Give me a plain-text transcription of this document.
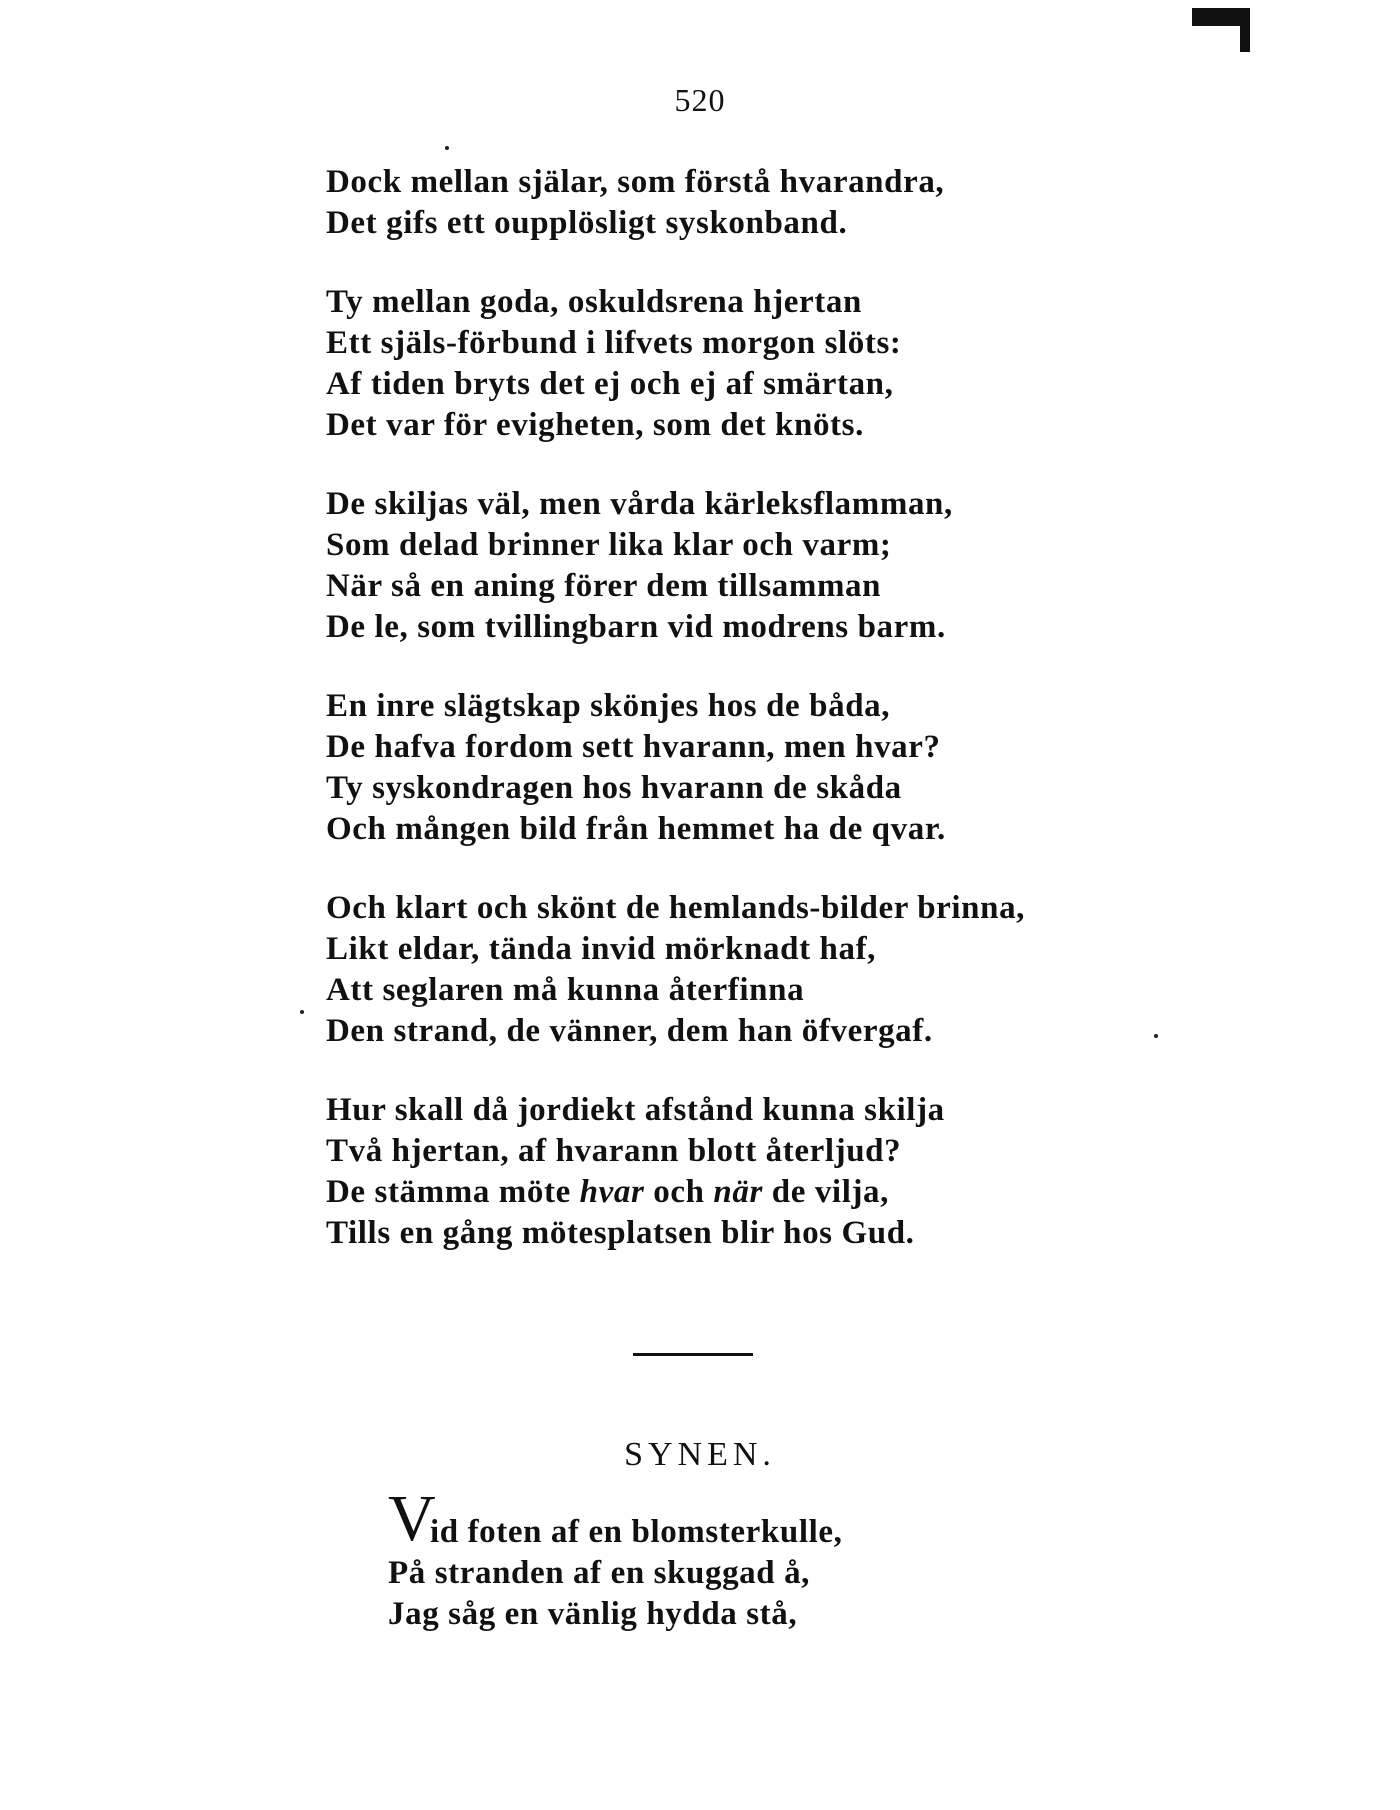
520
Dock mellan själar, som förstå hvarandra,
Det gifs ett oupplösligt syskonband.
Ty mellan goda, oskuldsrena hjertan
Ett själs-förbund i lifvets morgon slöts:
Af tiden bryts det ej och ej af smärtan,
Det var för evigheten, som det knöts.
De skiljas väl, men vårda kärleksflamman,
Som delad brinner lika klar och varm;
När så en aning förer dem tillsamman
De le, som tvillingbarn vid modrens barm.
En inre slägtskap skönjes hos de båda,
De hafva fordom sett hvarann, men hvar?
Ty syskondragen hos hvarann de skåda
Och mången bild från hemmet ha de qvar.
Och klart och skönt de hemlands-bilder brinna,
Likt eldar, tända invid mörknadt haf,
Att seglaren må kunna återfinna
Den strand, de vänner, dem han öfvergaf.
Hur skall då jordiekt afstånd kunna skilja
Två hjertan, af hvarann blott återljud?
De stämma möte hvar och när de vilja,
Tills en gång mötesplatsen blir hos Gud.
SYNEN.
V
id foten af en blomsterkulle,
På stranden af en skuggad å,
Jag såg en vänlig hydda stå,
